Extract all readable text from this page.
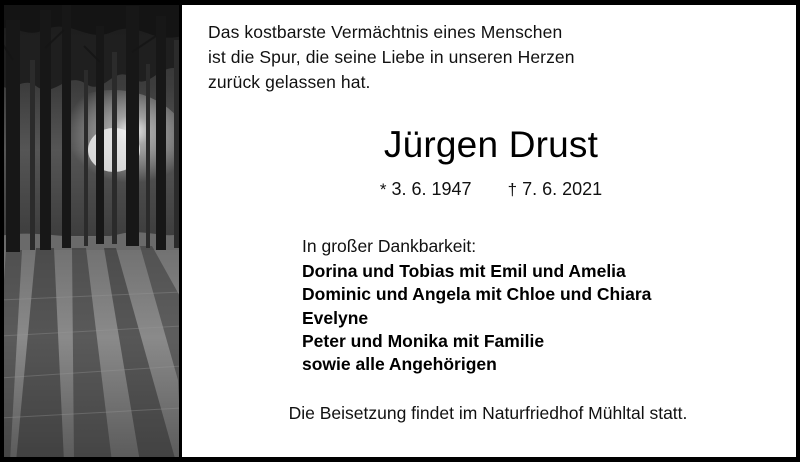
Das kostbarste Vermächtnis eines Menschen
ist die Spur, die seine Liebe in unseren Herzen
zurück gelassen hat.
Jürgen Drust
* 3. 6. 1947 † 7. 6. 2021
In großer Dankbarkeit:
Dorina und Tobias mit Emil und Amelia
Dominic und Angela mit Chloe und Chiara
Evelyne
Peter und Monika mit Familie
sowie alle Angehörigen
Die Beisetzung findet im Naturfriedhof Mühltal statt.
